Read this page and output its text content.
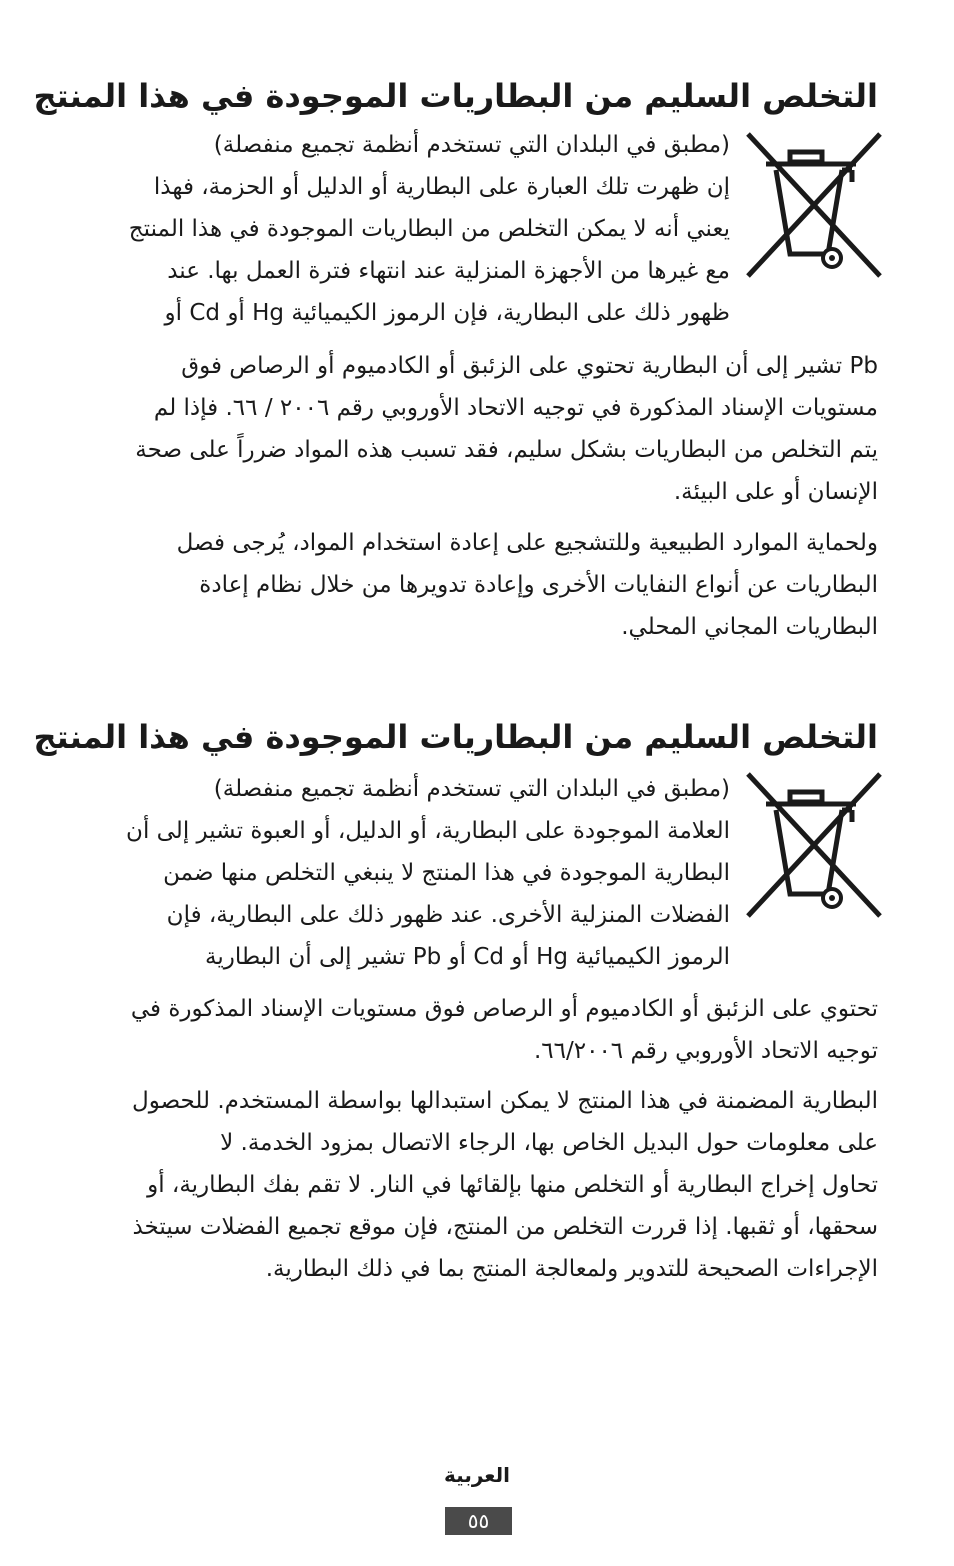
التخلص السليم من البطاريات الموجودة في هذا المنتج
(مطبق في البلدان التي تستخدم أنظمة تجميع منفصلة)
إن ظهرت تلك العبارة على البطارية أو الدليل أو الحزمة، فهذا
يعني أنه لا يمكن التخلص من البطاريات الموجودة في هذا المنتج
مع غيرها من الأجهزة المنزلية عند انتهاء فترة العمل بها. عند
ظهور ذلك على البطارية، فإن الرموز الكيميائية Hg أو Cd أو
Pb تشير إلى أن البطارية تحتوي على الزئبق أو الكادميوم أو الرصاص فوق
مستويات الإسناد المذكورة في توجيه الاتحاد الأوروبي رقم ٢٠٠٦ / ٦٦. فإذا لم
يتم التخلص من البطاريات بشكل سليم، فقد تسبب هذه المواد ضرراً على صحة
الإنسان أو على البيئة.
ولحماية الموارد الطبيعية وللتشجيع على إعادة استخدام المواد، يُرجى فصل
البطاريات عن أنواع النفايات الأخرى وإعادة تدويرها من خلال نظام إعادة
البطاريات المجاني المحلي.
التخلص السليم من البطاريات الموجودة في هذا المنتج
(مطبق في البلدان التي تستخدم أنظمة تجميع منفصلة)
العلامة الموجودة على البطارية، أو الدليل، أو العبوة تشير إلى أن
البطارية الموجودة في هذا المنتج لا ينبغي التخلص منها ضمن
الفضلات المنزلية الأخرى. عند ظهور ذلك على البطارية، فإن
الرموز الكيميائية Hg أو Cd أو Pb تشير إلى أن البطارية
تحتوي على الزئبق أو الكادميوم أو الرصاص فوق مستويات الإسناد المذكورة في
توجيه الاتحاد الأوروبي رقم ٦٦/٢٠٠٦.
البطارية المضمنة في هذا المنتج لا يمكن استبدالها بواسطة المستخدم. للحصول
على معلومات حول البديل الخاص بها، الرجاء الاتصال بمزود الخدمة. لا
تحاول إخراج البطارية أو التخلص منها بإلقائها في النار. لا تقم بفك البطارية، أو
سحقها، أو ثقبها. إذا قررت التخلص من المنتج، فإن موقع تجميع الفضلات سيتخذ
الإجراءات الصحيحة للتدوير ولمعالجة المنتج بما في ذلك البطارية.
العربية
٥٥
